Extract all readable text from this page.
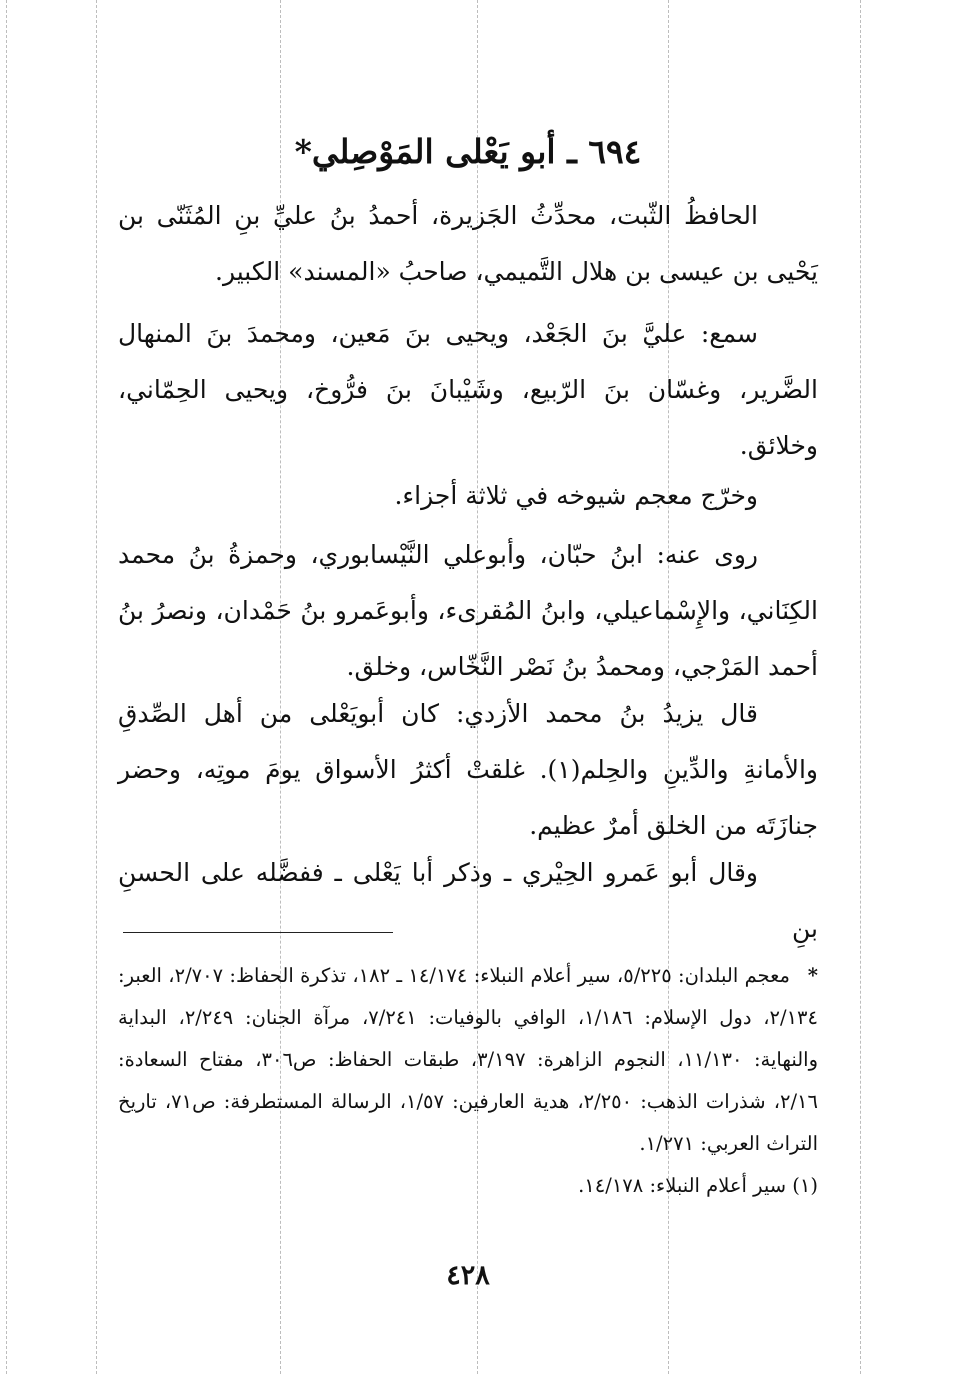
٦٩٤ ـ أبو يَعْلى المَوْصِلي*

الحافظُ الثّبت، محدِّثُ الجَزيرة، أحمدُ بنُ عليِّ بنِ المُثَنّى بن يَحْيى بن عيسى بن هلال التَّميمي، صاحبُ «المسند» الكبير.

سمع: عليَّ بنَ الجَعْد، ويحيى بنَ مَعين، ومحمدَ بنَ المنهال الضَّرير، وغسّان بنَ الرّبيع، وشَيْبانَ بنَ فرُّوخ، ويحيى الحِمّاني، وخلائق.

وخرّج معجم شيوخه في ثلاثة أجزاء.

روى عنه: ابنُ حبّان، وأبوعلي النَّيْسابوري، وحمزةُ بنُ محمد الكِنَاني، والإِسْماعيلي، وابنُ المُقرىء، وأبوعَمرو بنُ حَمْدان، ونصرُ بنُ أحمد المَرْجي، ومحمدُ بنُ نَصْر النَّخّاس، وخلق.

قال يزيدُ بنُ محمد الأزدي: كان أبويَعْلى من أهل الصِّدقِ والأمانةِ والدِّينِ والحِلم(١). غلقتْ أكثرُ الأسواق يومَ موتِه، وحضر جنازَتَه من الخلق أمرٌ عظيم.

وقال أبو عَمرو الحِيْري ـ وذكر أبا يَعْلى ـ ففضَّله على الحسنِ بنِ

*معجم البلدان: ٥/٢٢٥، سير أعلام النبلاء: ١٤/١٧٤ ـ ١٨٢، تذكرة الحفاظ: ٢/٧٠٧، العبر: ٢/١٣٤، دول الإسلام: ١/١٨٦، الوافي بالوفيات: ٧/٢٤١، مرآة الجنان: ٢/٢٤٩، البداية والنهاية: ١١/١٣٠، النجوم الزاهرة: ٣/١٩٧، طبقات الحفاظ: ص٣٠٦، مفتاح السعادة: ٢/١٦، شذرات الذهب: ٢/٢٥٠، هدية العارفين: ١/٥٧، الرسالة المستطرفة: ص٧١، تاريخ التراث العربي: ١/٢٧١.
(١) سير أعلام النبلاء: ١٤/١٧٨.
٤٢٨
